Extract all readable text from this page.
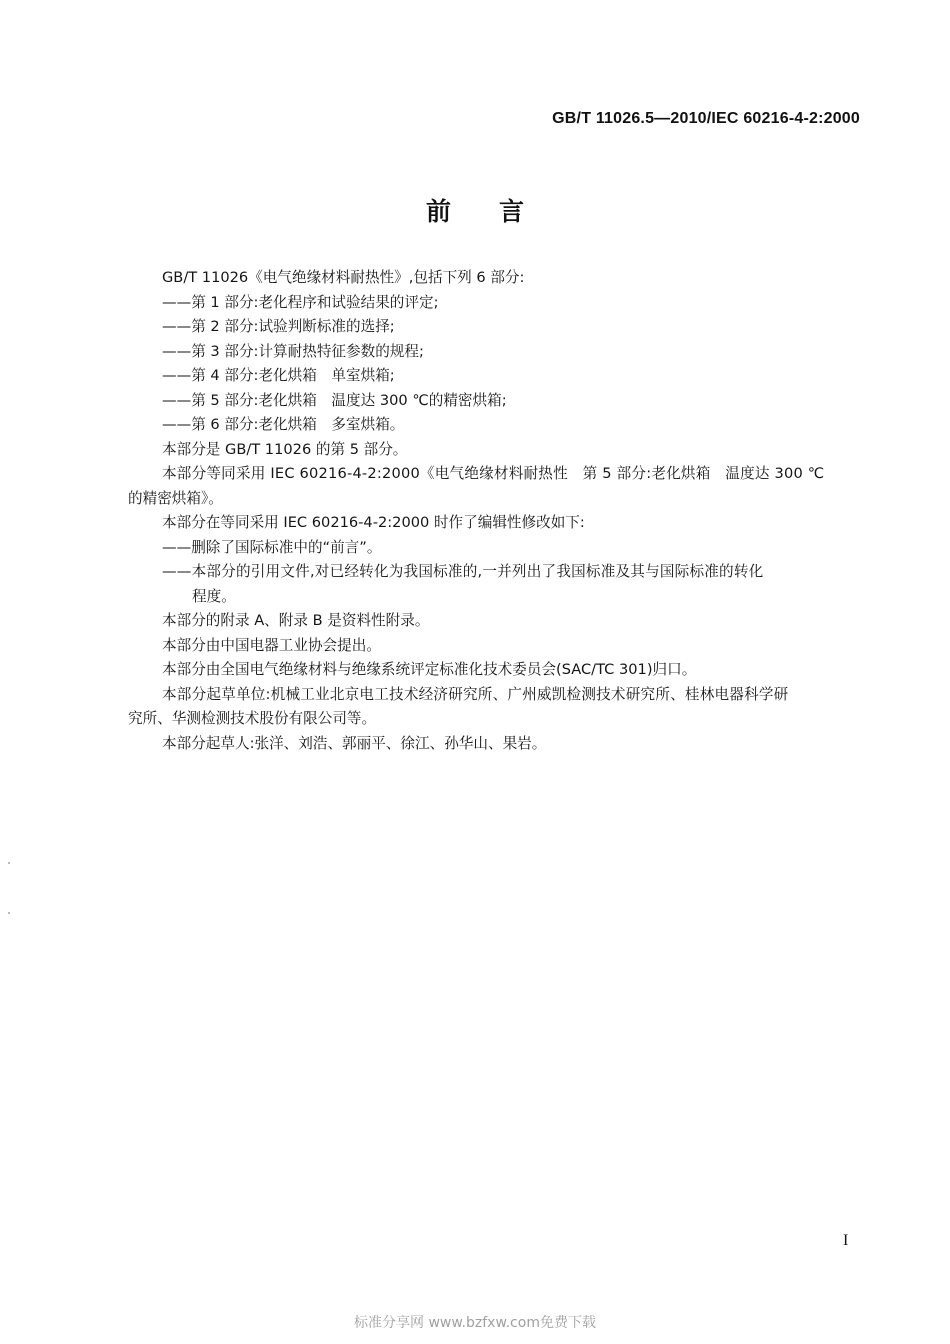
GB/T 11026.5—2010/IEC 60216-4-2:2000
前 言

GB/T 11026《电气绝缘材料耐热性》,包括下列 6 部分:

——第 1 部分:老化程序和试验结果的评定;

——第 2 部分:试验判断标准的选择;

——第 3 部分:计算耐热特征参数的规程;

——第 4 部分:老化烘箱　单室烘箱;

——第 5 部分:老化烘箱　温度达 300 ℃的精密烘箱;

——第 6 部分:老化烘箱　多室烘箱。

本部分是 GB/T 11026 的第 5 部分。

本部分等同采用 IEC 60216-4-2:2000《电气绝缘材料耐热性　第 5 部分:老化烘箱　温度达 300 ℃

的精密烘箱》。

本部分在等同采用 IEC 60216-4-2:2000 时作了编辑性修改如下:

——删除了国际标准中的“前言”。

——本部分的引用文件,对已经转化为我国标准的,一并列出了我国标准及其与国际标准的转化

程度。

本部分的附录 A、附录 B 是资料性附录。

本部分由中国电器工业协会提出。

本部分由全国电气绝缘材料与绝缘系统评定标准化技术委员会(SAC/TC 301)归口。

本部分起草单位:机械工业北京电工技术经济研究所、广州威凯检测技术研究所、桂林电器科学研

究所、华测检测技术股份有限公司等。

本部分起草人:张洋、刘浩、郭丽平、徐江、孙华山、果岩。

I
标准分享网 www.bzfxw.com免费下载
